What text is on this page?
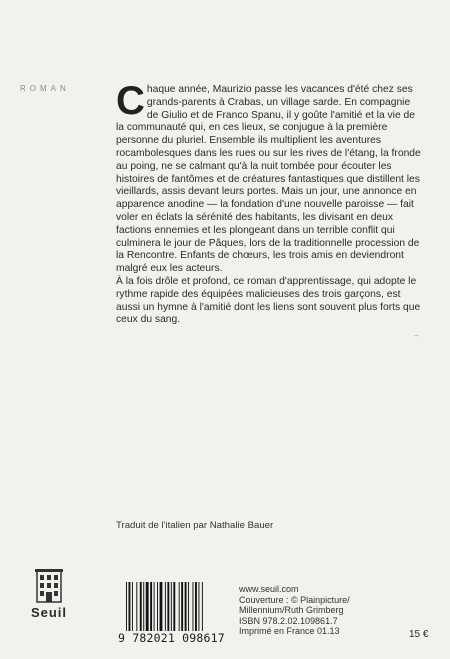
ROMAN Chaque année, Maurizio passe les vacances d'été chez ses grands-parents à Crabas, un village sarde. En compagnie de Giulio et de Franco Spanu, il y goûte l'amitié et la vie de la communauté qui, en ces lieux, se conjugue à la première personne du pluriel. Ensemble ils multiplient les aventures rocambolesques dans les rues ou sur les rives de l'étang, la fronde au poing, ne se calmant qu'à la nuit tombée pour écouter les histoires de fantômes et de créatures fantastiques que distillent les vieillards, assis devant leurs portes. Mais un jour, une annonce en apparence anodine — la fondation d'une nouvelle paroisse — fait voler en éclats la sérénité des habitants, les divisant en deux factions ennemies et les plongeant dans un terrible conflit qui culminera le jour de Pâques, lors de la traditionnelle procession de la Rencontre. Enfants de chœurs, les trois amis en deviendront malgré eux les acteurs.
À la fois drôle et profond, ce roman d'apprentissage, qui adopte le rythme rapide des équipées malicieuses des trois garçons, est aussi un hymne à l'amitié dont les liens sont souvent plus forts que ceux du sang.
→
Traduit de l'italien par Nathalie Bauer
Seuil
9 782021 098617
www.seuil.com
Couverture : © Plainpicture/
Millennium/Ruth Grimberg
ISBN 978.2.02.109861.7
Imprimé en France 01.13	15 €
